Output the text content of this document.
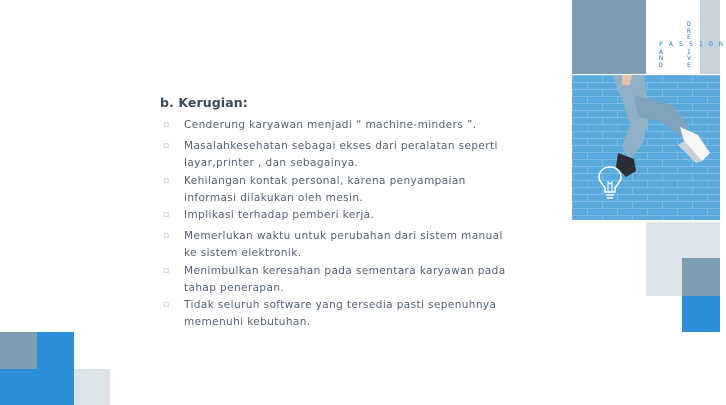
P A S S I O N
D
R
E
I
V
E
A
N
D
b. Kerugian:
▫ Cenderung karyawan menjadi “ machine-minders ”.
▫ Masalahkesehatan sebagai ekses dari peralatan seperti layar,printer , dan sebagainya.
▫ Kehilangan kontak personal, karena penyampaian informasi dilakukan oleh mesin.
▫ Implikasi terhadap pemberi kerja.
▫ Memerlukan waktu untuk perubahan dari sistem manual ke sistem elektronik.
▫ Menimbulkan keresahan pada sementara karyawan pada tahap penerapan.
▫ Tidak seluruh software yang tersedia pasti sepenuhnya memenuhi kebutuhan.
